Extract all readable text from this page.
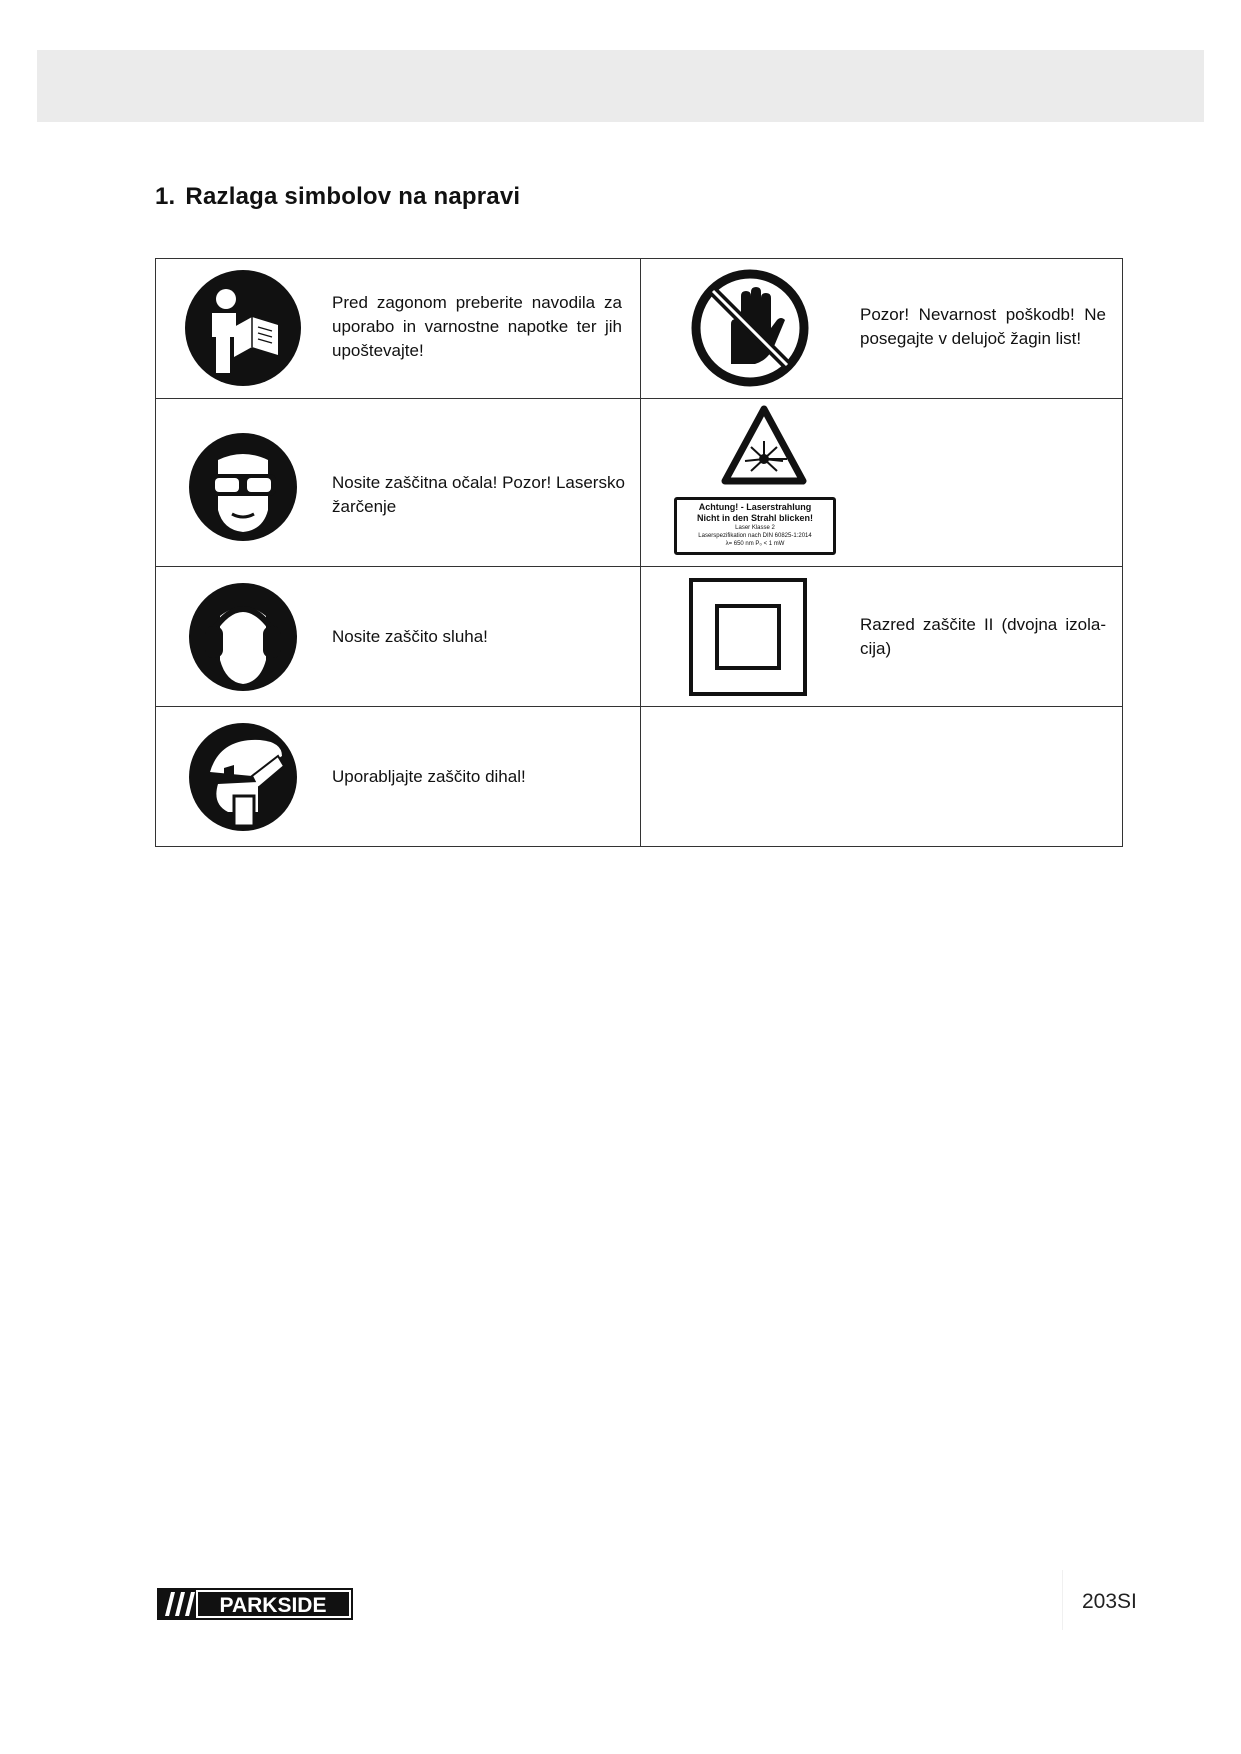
1. Razlaga simbolov na napravi
Pred zagonom preberite navodila za uporabo in varnostne napotke ter jih upoštevajte!
Pozor! Nevarnost poškodb! Ne posegajte v delujoč žagin list!
Nosite zaščitna očala! Pozor! Lasersko žarčenje	Achtung! - Laserstrahlung
Nicht in den Strahl blicken!
Laser Klasse 2
Laserspezifikation nach DIN 60825-1:2014
λ= 650 nm P₀ < 1 mW
Nosite zaščito sluha!
Razred zaščite II (dvojna izola-cija)
Uporabljajte zaščito dihal!
PARKSIDE	203SI
